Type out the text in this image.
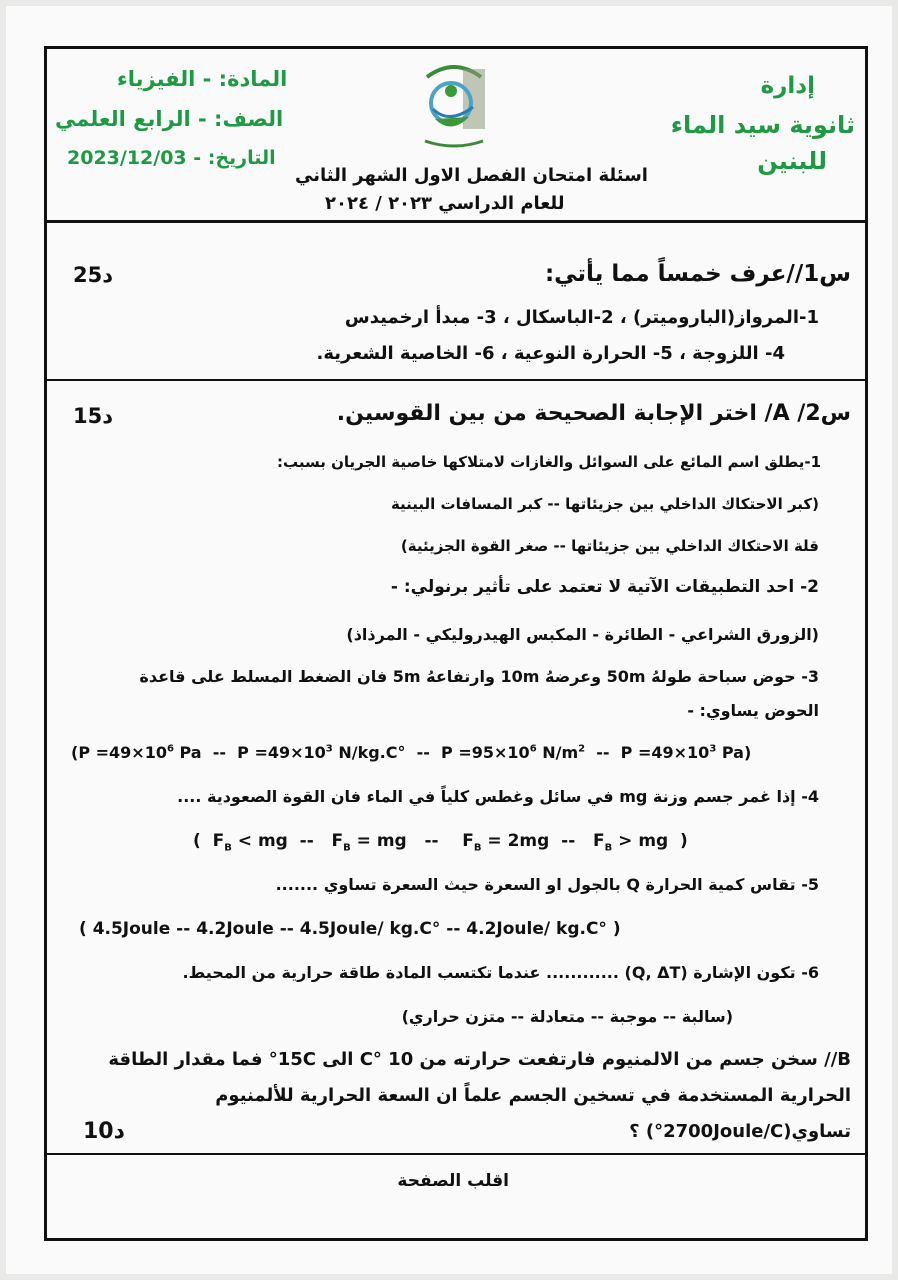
إدارة
ثانوية سيد الماء
للبنين
المادة: - الفيزياء
الصف: - الرابع العلمي
التاريخ: - 2023/12/03
اسئلة امتحان الفصل الاول الشهر الثاني
للعام الدراسي ٢٠٢٣ / ٢٠٢٤
س1//عرف خمساً مما يأتي:
25د
1-المرواز(الباروميتر) ، 2-الباسكال ، 3- مبدأ ارخميدس
4- اللزوجة ، 5- الحرارة النوعية ، 6- الخاصية الشعرية.
س2/ A/ اختر الإجابة الصحيحة من بين القوسين.
15د
1-يطلق اسم المائع على السوائل والغازات لامتلاكها خاصية الجريان بسبب:
(كبر الاحتكاك الداخلي بين جزيئاتها -- كبر المسافات البينية
قلة الاحتكاك الداخلي بين جزيئاتها -- صغر القوة الجزيئية)
2- احد التطبيقات الآتية لا تعتمد على تأثير برنولي: -
(الزورق الشراعي - الطائرة - المكبس الهيدروليكي - المرذاذ)
3- حوض سباحة طولهُ 50m وعرضهُ 10m وارتفاعهُ 5m فان الضغط المسلط على قاعدة
الحوض يساوي: -
($P =49\times 10^6$ $Pa -- P =49\times 10^3$ $N/kg.C^\circ -- P =95\times 10^6$ $N/m^2 -- P =49\times 10^3$ Pa)
4- إذا غمر جسم وزنة mg في سائل وغطس كلياً في الماء فان القوة الصعودية ....
(  $F_B$ < mg  --   $F_B$ = mg   --    $F_B = 2mg -- F_B$ > mg  )
5- تقاس كمية الحرارة Q بالجول او السعرة حيث السعرة تساوي .......
( 4.5Joule -- 4.2Joule -- 4.5Joule/ kg.C° -- 4.2Joule/ kg.C° )
6- تكون الإشارة (Q, ΔT) ............ عندما تكتسب المادة طاقة حرارية من المحيط.
(سالبة -- موجبة -- متعادلة -- متزن حراري)
B// سخن جسم من الالمنيوم فارتفعت حرارته من C° 10 الى 15C° فما مقدار الطاقة
الحرارية المستخدمة في تسخين الجسم علماً ان السعة الحرارية للألمنيوم
تساوي(2700Joule/C°) ؟
10د
اقلب الصفحة
